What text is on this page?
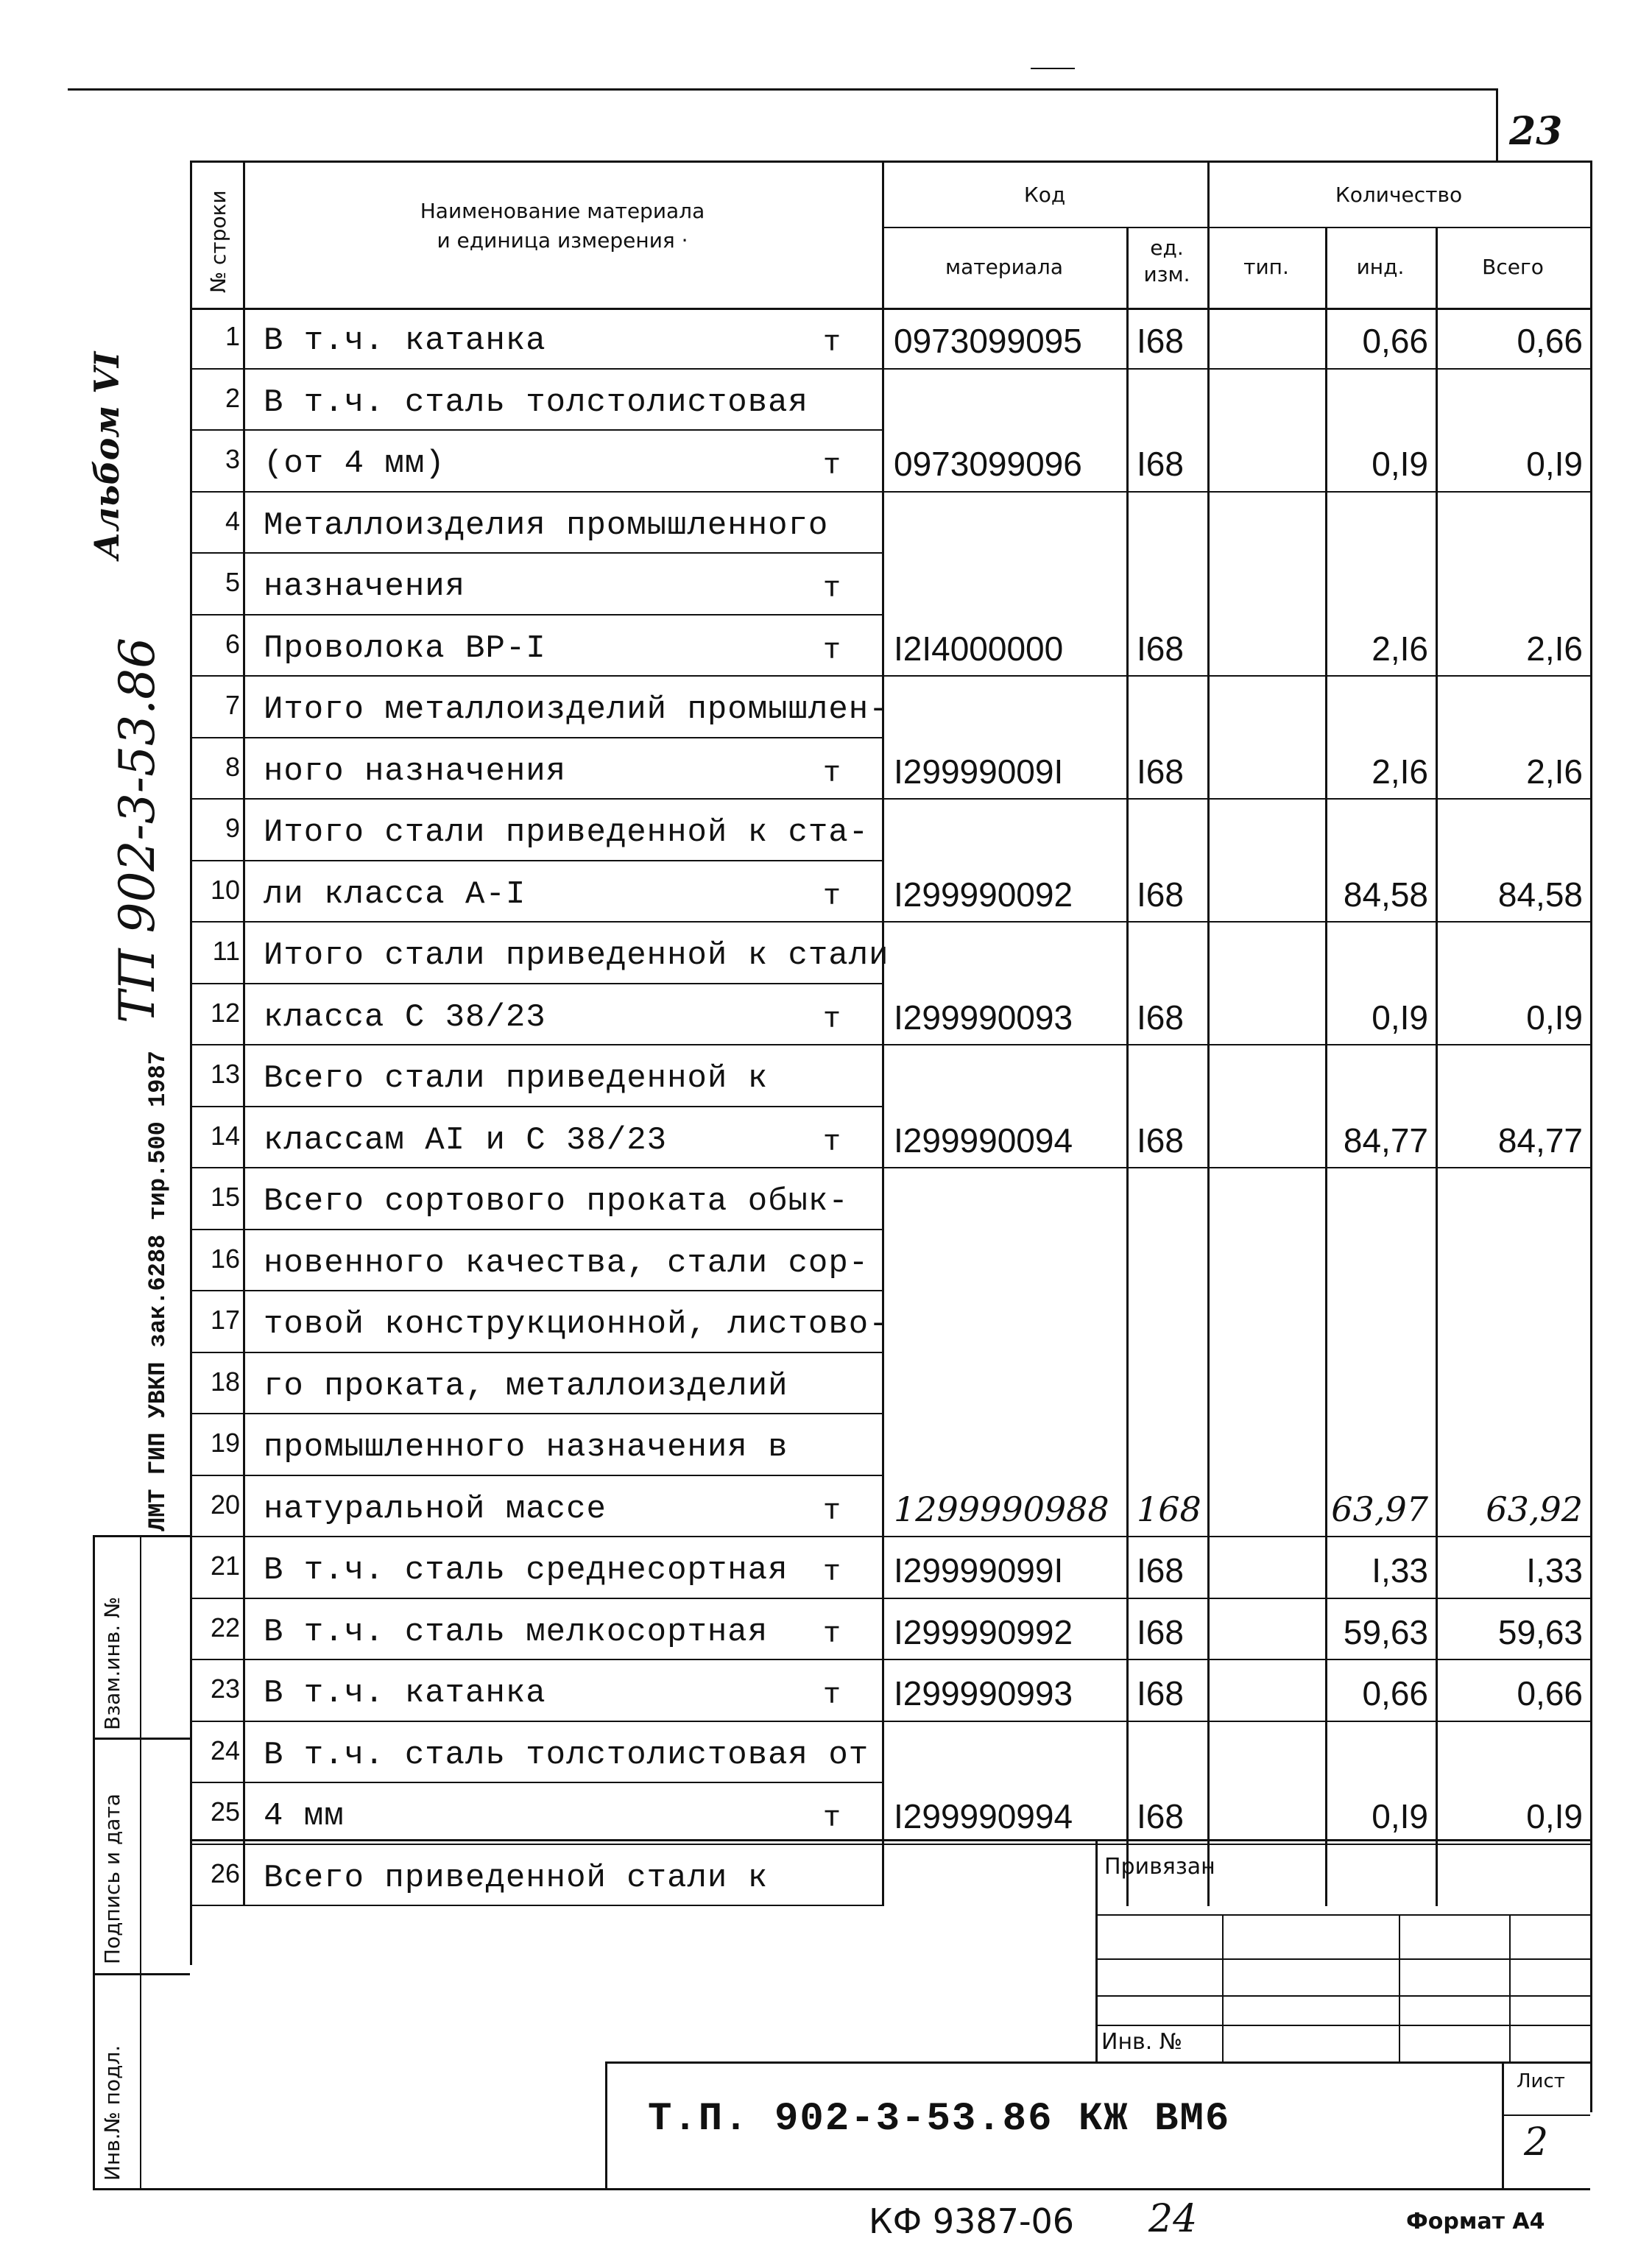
23
Альбом VI
ТП 902-3-53.86
ЛМТ ГИП УВКП зак.6288 тир.500 1987
Взам.инв. №
Подпись и дата
Инв.№ подл.
№ строки	Наименование материала
и единица измерения ·
Код
материала
ед.
изм.
Количество
тип.	инд.	Всего
1 В т.ч. катанка	т 0973099095 I68	0,66	0,66
2 В т.ч. сталь толстолистовая
3 (от 4 мм)	т 0973099096 I68	0,I9	0,I9
4 Металлоизделия промышленного
5 назначения	т
6 Проволока ВР-I	т I2I4000000 I68	2,I6	2,I6
7 Итого металлоизделий промышлен-
8 ного назначения	т I29999009I I68	2,I6	2,I6
9 Итого стали приведенной к ста-
10 ли класса А-I	т I299990092 I68	84,58	84,58
11 Итого стали приведенной к стали
12 класса С 38/23	т I299990093 I68	0,I9	0,I9
13 Всего стали приведенной к
14 классам АI и С 38/23	т I299990094 I68	84,77	84,77
15 Всего сортового проката обык-
16 новенного качества, стали сор-
17 товой конструкционной, листово-
18 го проката, металлоизделий
19 промышленного назначения в
20 натуральной массе	т 1299990988 168	63,97	63,92
21 В т.ч. сталь среднесортная т I29999099I I68	I,33	I,33
22 В т.ч. сталь мелкосортная т I299990992 I68	59,63	59,63
23 В т.ч. катанка	т I299990993 I68	0,66	0,66
24 В т.ч. сталь толстолистовая от
25 4 мм	т I299990994 I68	0,I9	0,I9
26 Всего приведенной стали к	Привязан
Инв. №
Т.П. 902-3-53.86 КЖ ВМ6
Лист
2
КФ 9387-06 24	Формат А4
